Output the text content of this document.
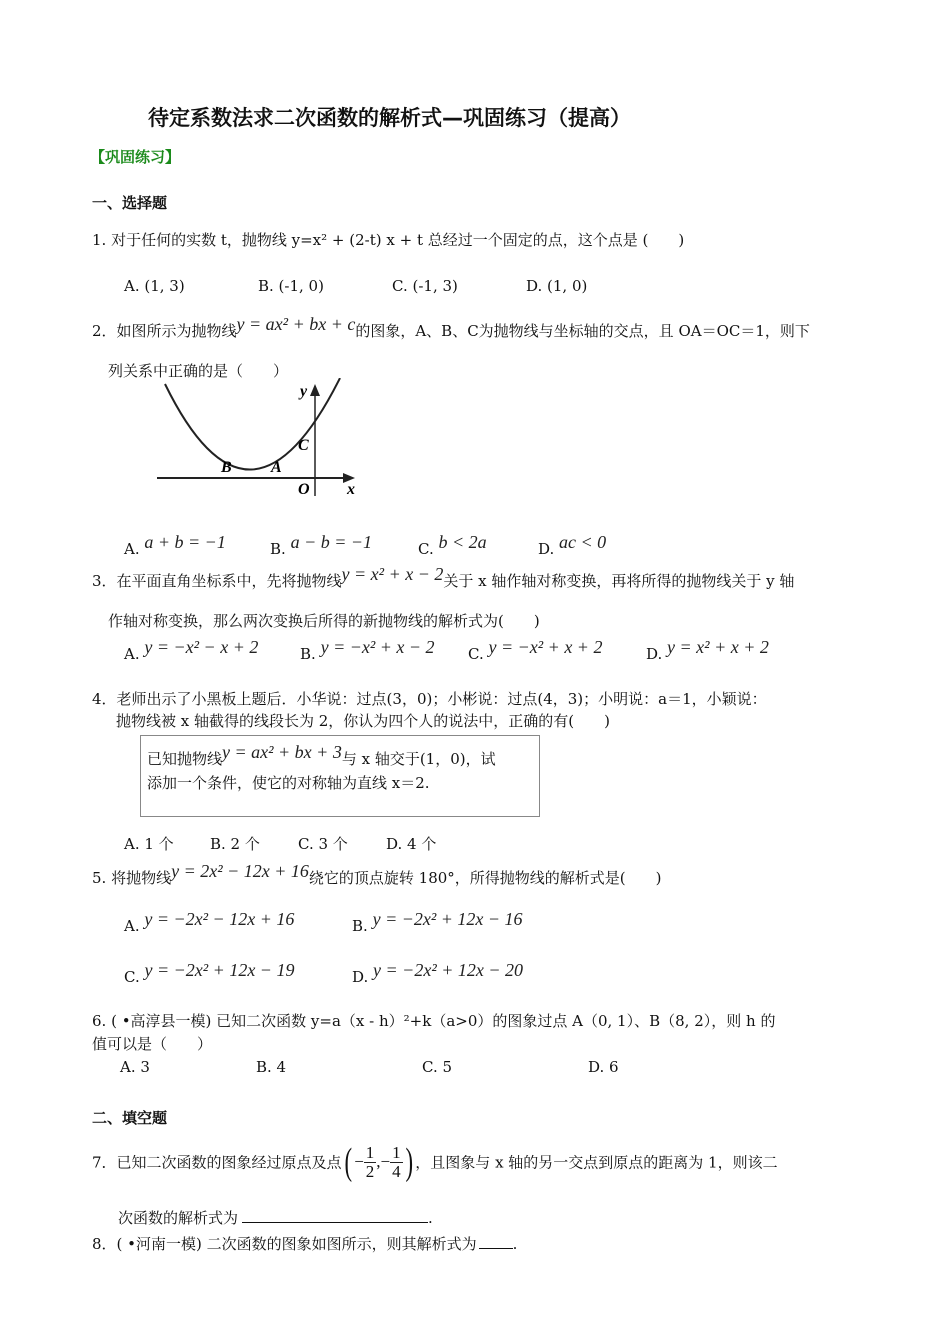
待定系数法求二次函数的解析式—巩固练习（提高）
【巩固练习】
一、选择题
1. 对于任何的实数 t，抛物线 y=x² + (2-t) x + t 总经过一个固定的点，这个点是 (　　)
A. (1, 3)	B. (-1, 0)	C. (-1, 3)	D. (1, 0)
2．如图所示为抛物线y = ax² + bx + c的图象，A、B、C为抛物线与坐标轴的交点，且 OA＝OC＝1，则下
列关系中正确的是（　　）
y
x
B A
C
O
A. a + b = −1	B. a − b = −1	C. b < 2a	D. ac < 0
3．在平面直角坐标系中，先将抛物线y = x² + x − 2关于 x 轴作轴对称变换，再将所得的抛物线关于 y 轴
作轴对称变换，那么两次变换后所得的新抛物线的解析式为(　　)
A. y = −x² − x + 2	B. y = −x² + x − 2 C. y = −x² + x + 2	D. y = x² + x + 2
4．老师出示了小黑板上题后．小华说：过点(3，0)；小彬说：过点(4，3)；小明说：a＝1，小颖说：
抛物线被 x 轴截得的线段长为 2，你认为四个人的说法中，正确的有(　　)
已知抛物线y = ax² + bx + 3与 x 轴交于(1，0)，试
添加一个条件，使它的对称轴为直线 x＝2.
A. 1 个 B. 2 个	C. 3 个	D. 4 个
5. 将抛物线y = 2x² − 12x + 16绕它的顶点旋转 180°，所得抛物线的解析式是(　　)
A. y = −2x² − 12x + 16	B. y = −2x² + 12x − 16
C. y = −2x² + 12x − 19	D. y = −2x² + 12x − 20
6. ( •高淳县一模) 已知二次函数 y=a（x - h）²+k（a>0）的图象过点 A（0, 1）、B（8, 2），则 h 的
值可以是（　　）
A. 3	B. 4	C. 5	D. 6
二、填空题
7．已知二次函数的图象经过原点及点( − $\frac{1}{2}$ ,− $\frac{1}{4}$ ) ，且图象与 x 轴的另一交点到原点的距离为 1，则该二
次函数的解析式为	.
8．( •河南一模) 二次函数的图象如图所示，则其解析式为 .
